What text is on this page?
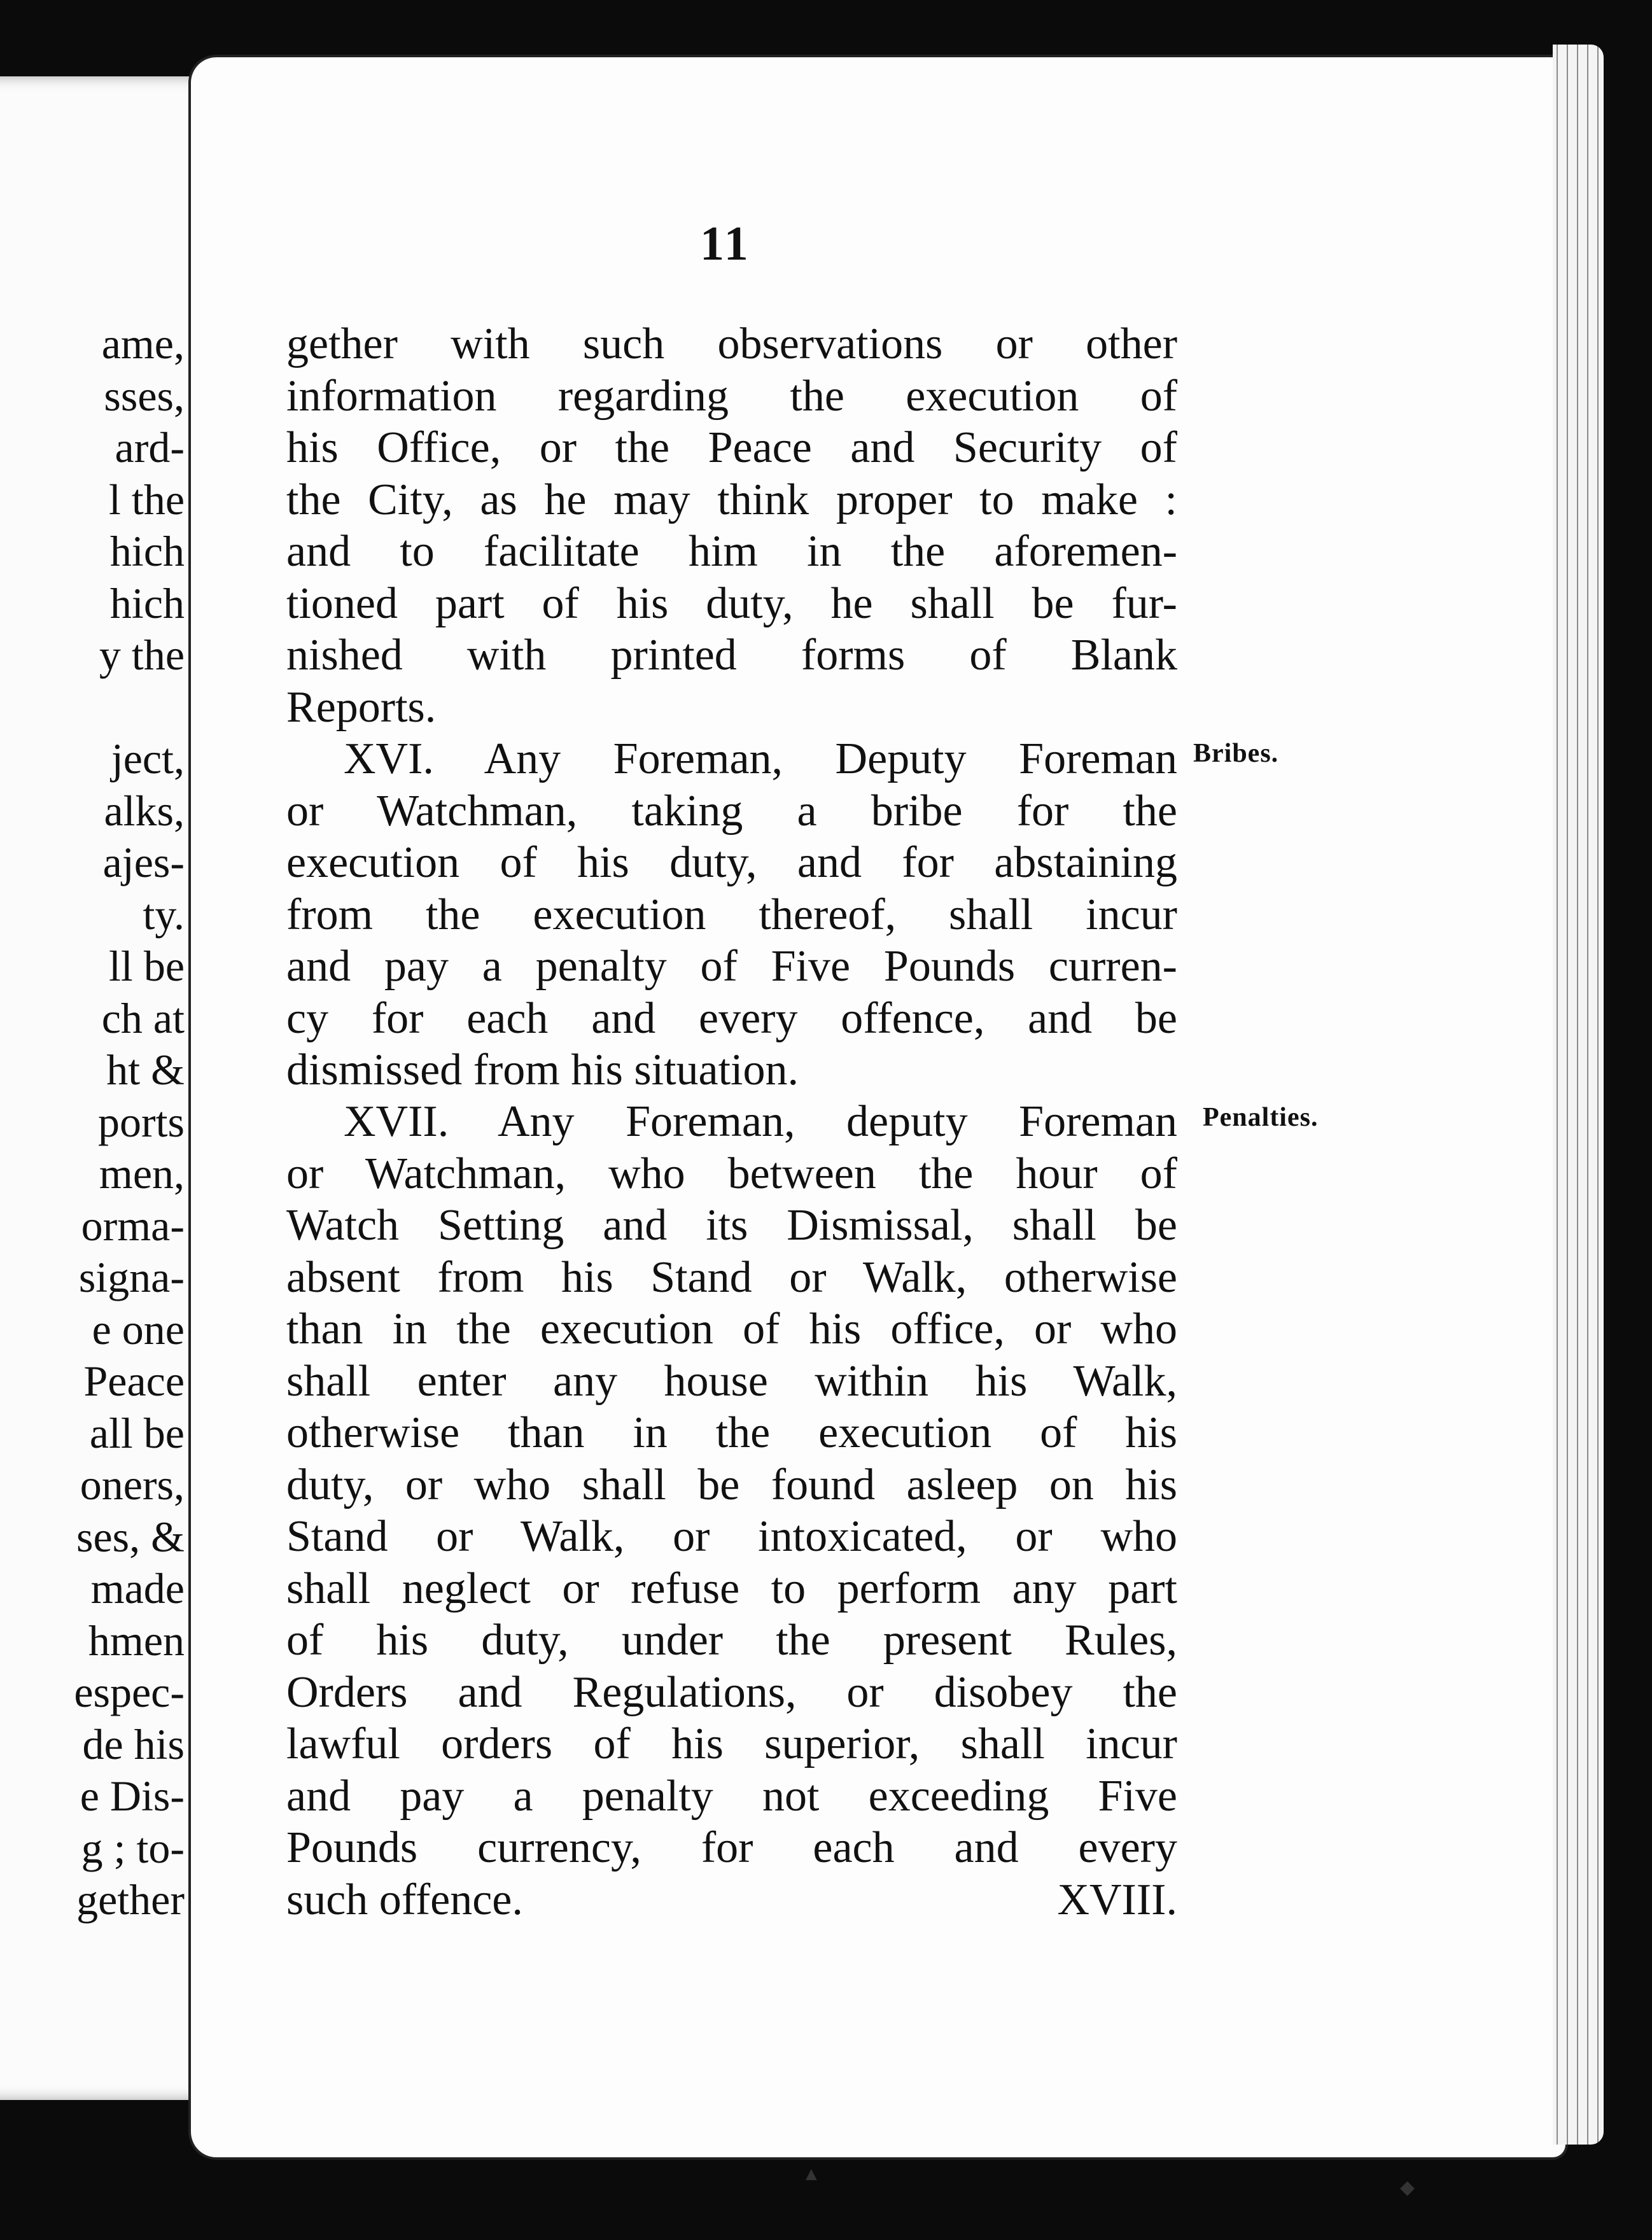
ame,
sses,
ard-
l the
hich
hich
y the
ject,
alks,
ajes-
ty.
ll be
ch at
ht &
ports
men,
orma-
signa-
e one
Peace
all be
oners,
ses, &
made
hmen
espec-
de his
e Dis-
g ; to-
gether
11
gether with such observations or other
information regarding the execution of
his Office, or the Peace and Security of
the City, as he may think proper to make :
and to facilitate him in the aforemen-
tioned part of his duty, he shall be fur-
nished with printed forms of Blank
Reports.
XVI. Any Foreman, Deputy Foreman
or Watchman, taking a bribe for the
execution of his duty, and for abstaining
from the execution thereof, shall incur
and pay a penalty of Five Pounds curren-
cy for each and every offence, and be
dismissed from his situation.
Bribes.
XVII. Any Foreman, deputy Foreman
or Watchman, who between the hour of
Watch Setting and its Dismissal, shall be
absent from his Stand or Walk, otherwise
than in the execution of his office, or who
shall enter any house within his Walk,
otherwise than in the execution of his
duty, or who shall be found asleep on his
Stand or Walk, or intoxicated, or who
shall neglect or refuse to perform any part
of his duty, under the present Rules,
Orders and Regulations, or disobey the
lawful orders of his superior, shall incur
and pay a penalty not exceeding Five
Pounds currency, for each and every
such offence.	XVIII.
Penalties.
▲
◆
